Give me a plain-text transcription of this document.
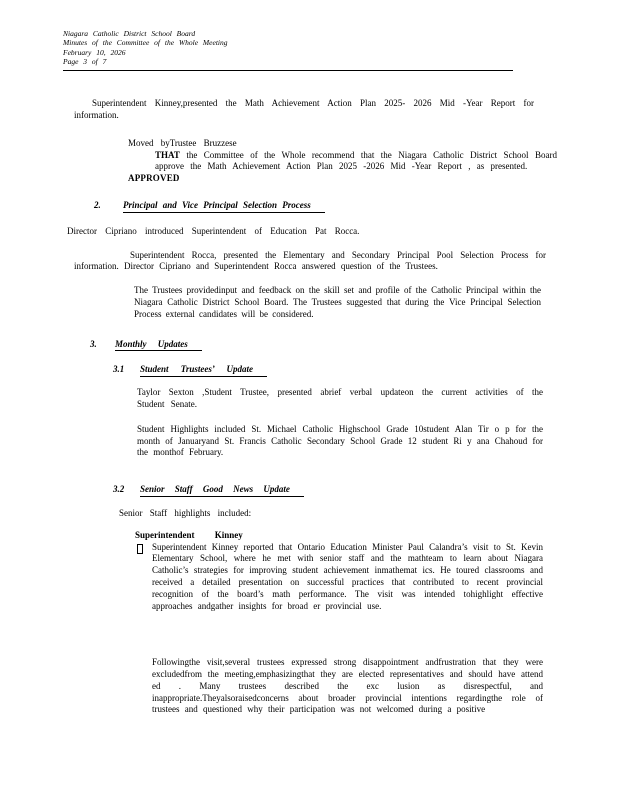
Niagara Catholic District School Board
Minutes of the Committee of the Whole Meeting
February 10, 2026
Page 3 of 7

Superintendent Kinney,presented the Math Achievement Action Plan 2025- 2026 Mid -Year Report for information.

Moved byTrustee Bruzzese

THAT the Committee of the Whole recommend that the Niagara Catholic District School Board approve the Math Achievement Action Plan 2025 -2026 Mid -Year Report , as presented.

APPROVED
2.	Principal and Vice Principal Selection Process

Director Cipriano introduced Superintendent of Education Pat Rocca.

Superintendent Rocca, presented the Elementary and Secondary Principal Pool Selection Process for information. Director Cipriano and Superintendent Rocca answered question of the Trustees.

The Trustees providedinput and feedback on the skill set and profile of the Catholic Principal within the Niagara Catholic District School Board. The Trustees suggested that during the Vice Principal Selection Process external candidates will be considered.

3.	Monthly Updates
3.1	Student Trustees’ Update

Taylor Sexton ,Student Trustee, presented abrief verbal updateon the current activities of the Student Senate.

Student Highlights included St. Michael Catholic Highschool Grade 10student Alan Tir o p for the month of Januaryand St. Francis Catholic Secondary School Grade 12 student Ri y ana Chahoud for the monthof February.

3.2	Senior Staff Good News Update

Senior Staff highlights included:

Superintendent Kinney

Superintendent Kinney reported that Ontario Education Minister Paul Calandra’s visit to St. Kevin Elementary School, where he met with senior staff and the mathteam to learn about Niagara Catholic’s strategies for improving student achievement inmathemat ics. He toured classrooms and received a detailed presentation on successful practices that contributed to recent provincial recognition of the board’s math performance. The visit was intended tohighlight effective approaches andgather insights for broad er provincial use.

Followingthe visit,several trustees expressed strong disappointment andfrustration that they were excludedfrom the meeting,emphasizingthat they are elected representatives and should have attend ed . Many trustees described the exc lusion as disrespectful, and inappropriate.Theyalsoraisedconcerns about broader provincial intentions regardingthe role of trustees and questioned why their participation was not welcomed during a positive
